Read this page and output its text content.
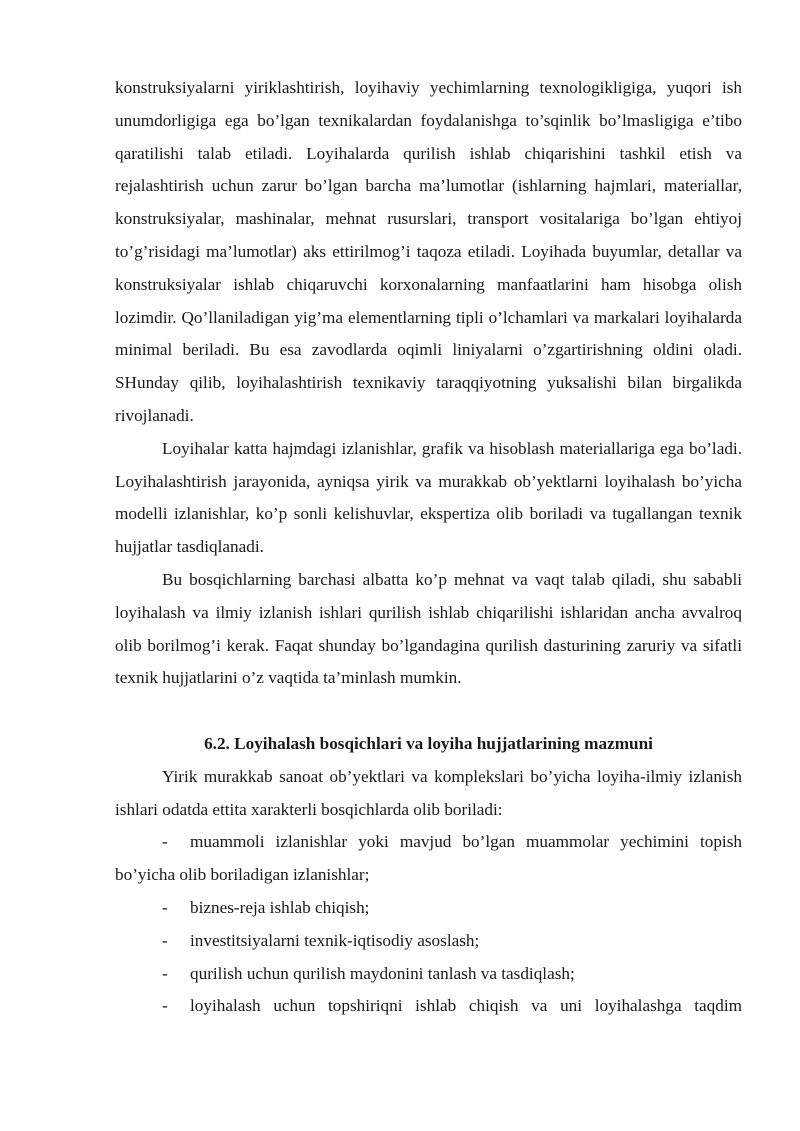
konstruksiyalarni yiriklashtirish, loyihaviy yechimlarning texnologikligiga, yuqori ish unumdorligiga ega bo’lgan texnikalardan foydalanishga to’sqinlik bo’lmasligiga e’tibo qaratilishi talab etiladi. Loyihalarda qurilish ishlab chiqarishini tashkil etish va rejalashtirish uchun zarur bo’lgan barcha ma’lumotlar (ishlarning hajmlari, materiallar, konstruksiyalar, mashinalar, mehnat rusurslari, transport vositalariga bo’lgan ehtiyoj to’g’risidagi ma’lumotlar) aks ettirilmog’i taqoza etiladi. Loyihada buyumlar, detallar va konstruksiyalar ishlab chiqaruvchi korxonalarning manfaatlarini ham hisobga olish lozimdir. Qo’llaniladigan yig’ma elementlarning tipli o’lchamlari va markalari loyihalarda minimal beriladi. Bu esa zavodlarda oqimli liniyalarni o’zgartirishning oldini oladi. SHunday qilib, loyihalashtirish texnikaviy taraqqiyotning yuksalishi bilan birgalikda rivojlanadi.

Loyihalar katta hajmdagi izlanishlar, grafik va hisoblash materiallariga ega bo’ladi. Loyihalashtirish jarayonida, ayniqsa yirik va murakkab ob’yektlarni loyihalash bo’yicha modelli izlanishlar, ko’p sonli kelishuvlar, ekspertiza olib boriladi va tugallangan texnik hujjatlar tasdiqlanadi.

Bu bosqichlarning barchasi albatta ko’p mehnat va vaqt talab qiladi, shu sababli loyihalash va ilmiy izlanish ishlari qurilish ishlab chiqarilishi ishlaridan ancha avvalroq olib borilmog’i kerak. Faqat shunday bo’lgandagina qurilish dasturining zaruriy va sifatli texnik hujjatlarini o’z vaqtida ta’minlash mumkin.

6.2. Loyihalash bosqichlari va loyiha hujjatlarining mazmuni

Yirik murakkab sanoat ob’yektlari va komplekslari bo’yicha loyiha-ilmiy izlanish ishlari odatda ettita xarakterli bosqichlarda olib boriladi:

- muammoli izlanishlar yoki mavjud bo’lgan muammolar yechimini topish bo’yicha olib boriladigan izlanishlar;

- biznes-reja ishlab chiqish;

- investitsiyalarni texnik-iqtisodiy asoslash;

- qurilish uchun qurilish maydonini tanlash va tasdiqlash;

- loyihalash uchun topshiriqni ishlab chiqish va uni loyihalashga taqdim
